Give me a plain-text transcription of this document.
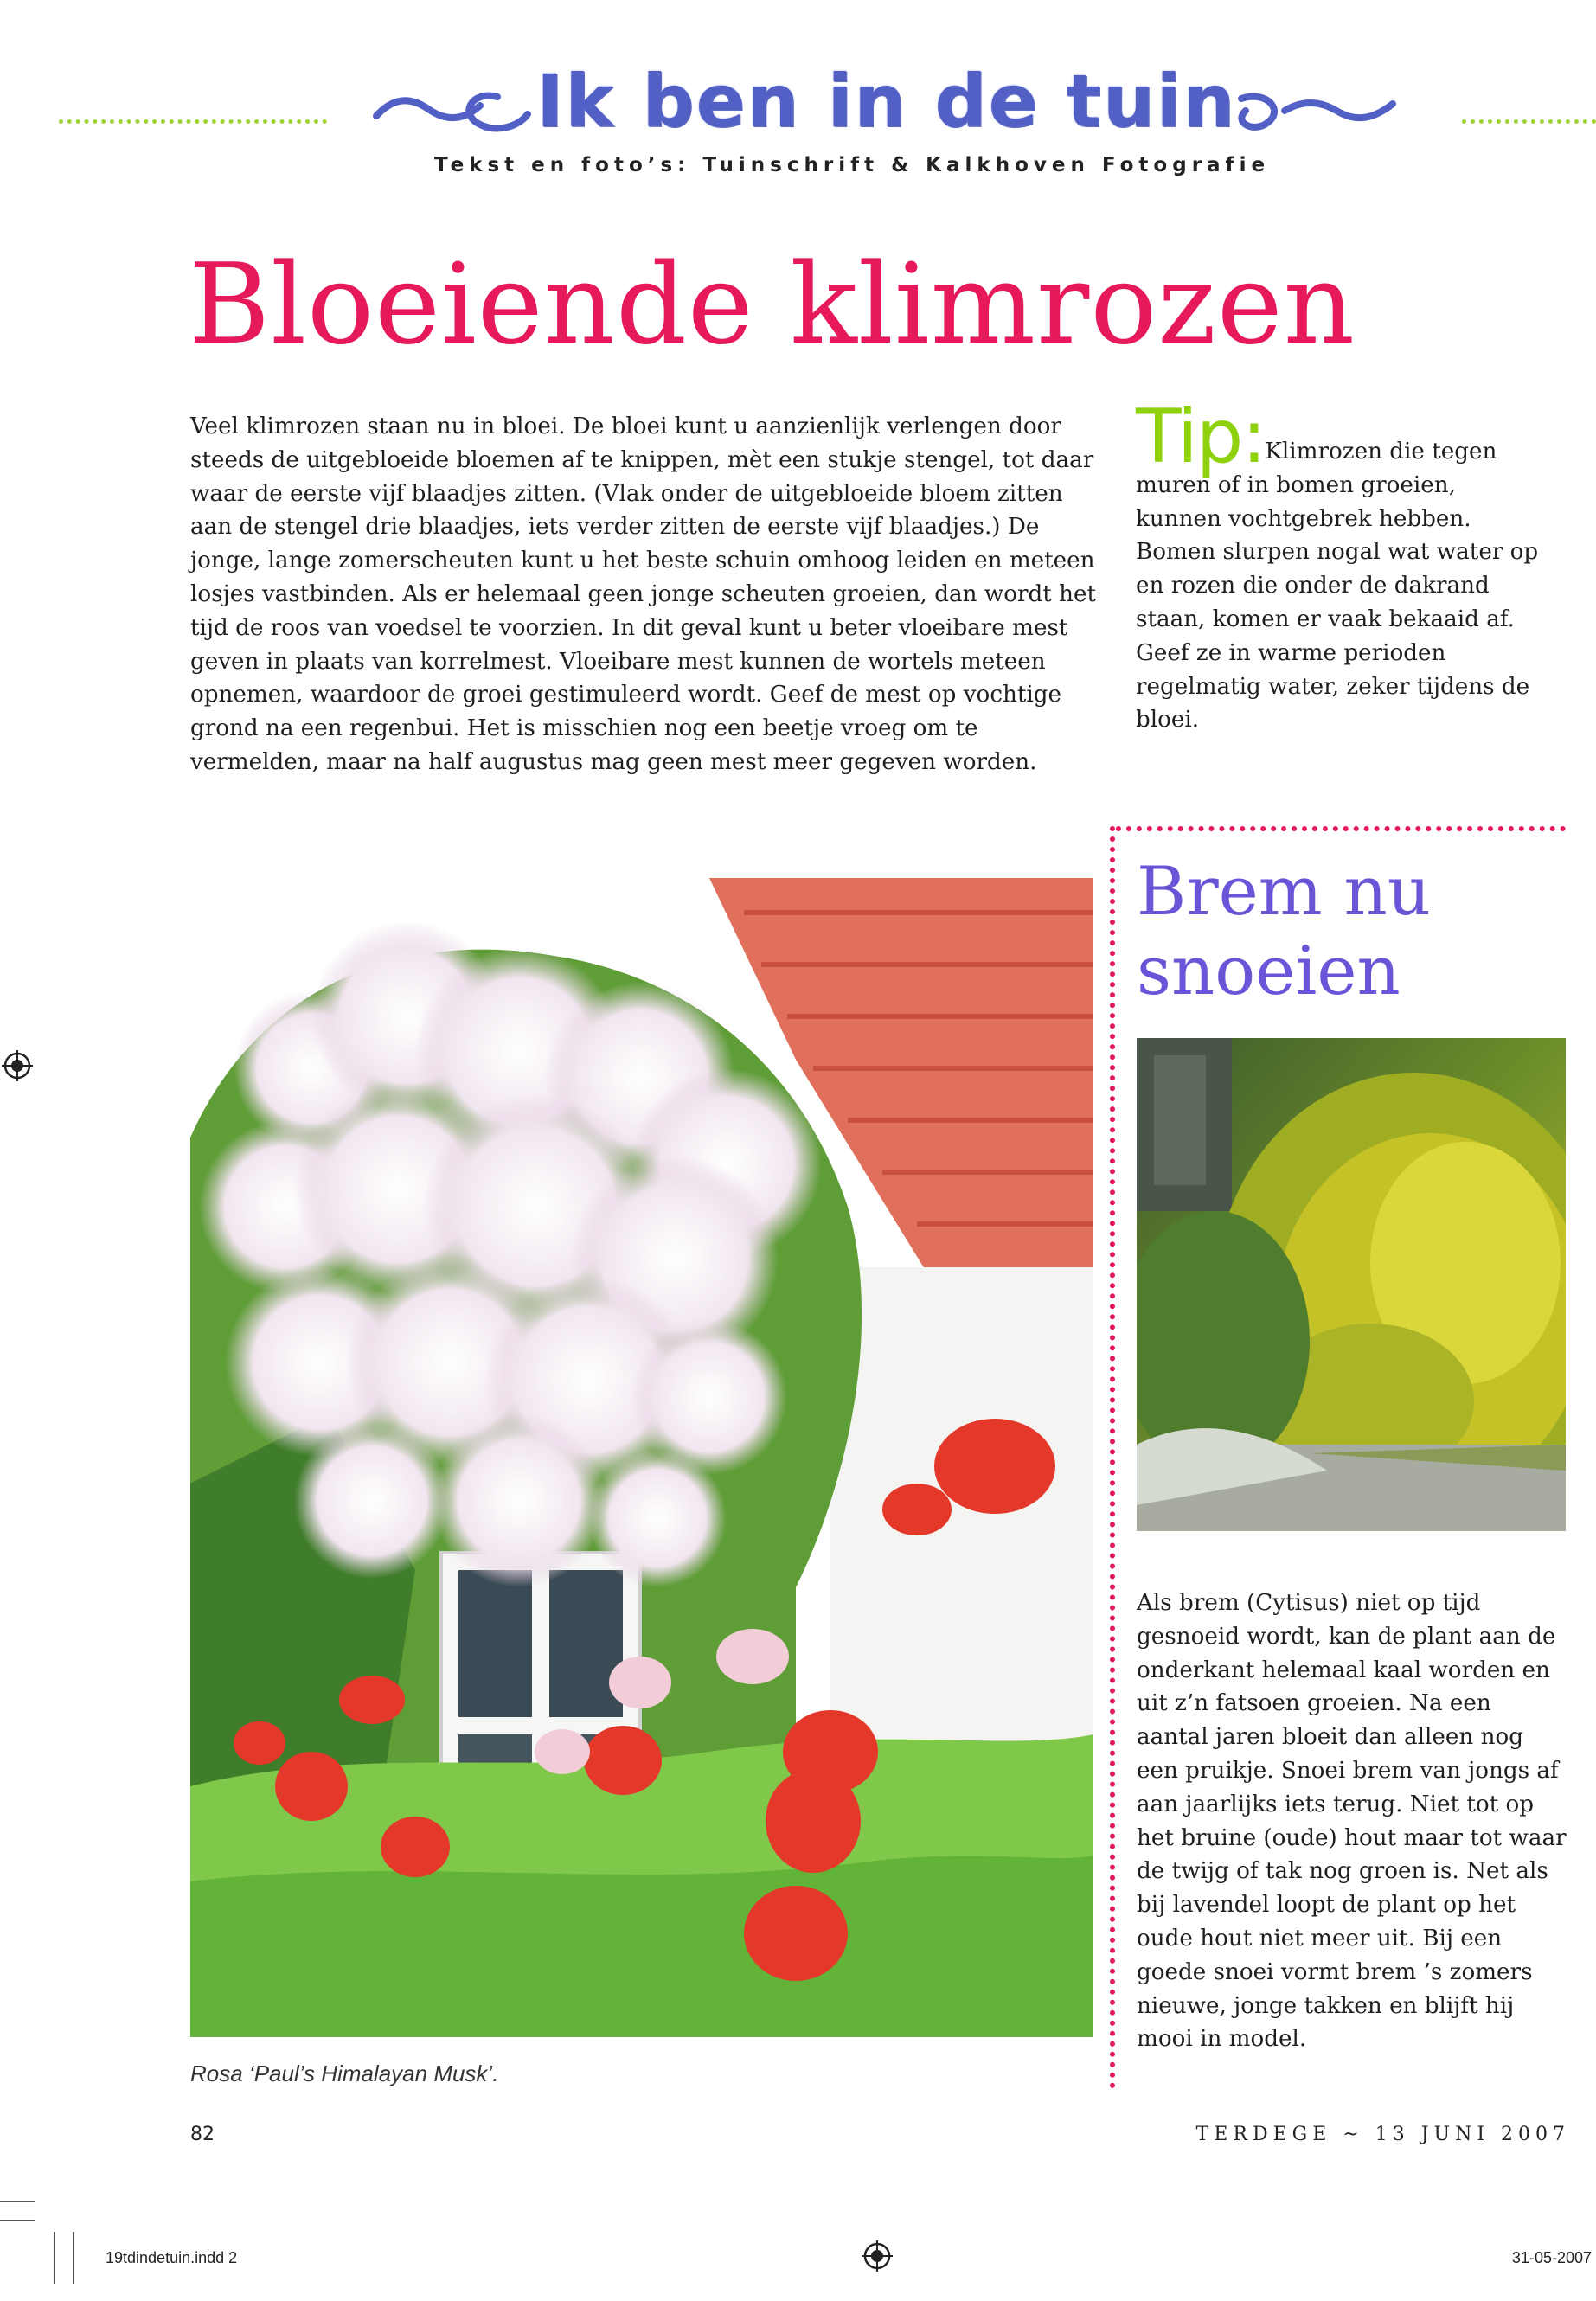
Ik ben in de tuin
Tekst en foto’s: Tuinschrift & Kalkhoven Fotografie
Bloeiende klimrozen
Veel klimrozen staan nu in bloei. De bloei kunt u aanzienlijk verlengen door steeds de uitgebloeide bloemen af te knippen, mèt een stukje stengel, tot daar waar de eerste vijf blaadjes zitten. (Vlak onder de uitgebloeide bloem zitten aan de stengel drie blaadjes, iets verder zitten de eerste vijf blaadjes.) De jonge, lange zomerscheuten kunt u het beste schuin omhoog leiden en meteen losjes vastbinden. Als er helemaal geen jonge scheuten groeien, dan wordt het tijd de roos van voedsel te voorzien. In dit geval kunt u beter vloeibare mest geven in plaats van korrelmest. Vloeibare mest kunnen de wortels meteen opnemen, waardoor de groei gestimuleerd wordt. Geef de mest op vochtige grond na een regenbui. Het is misschien nog een beetje vroeg om te vermelden, maar na half augustus mag geen mest meer gegeven worden.
Tip:Klimrozen die tegen muren of in bomen groeien, kunnen vochtgebrek hebben. Bomen slurpen nogal wat water op en rozen die onder de dakrand staan, komen er vaak bekaaid af. Geef ze in warme perioden regelmatig water, zeker tijdens de bloei.
Brem nu
snoeien
Als brem (Cytisus) niet op tijd gesnoeid wordt, kan de plant aan de onderkant helemaal kaal worden en uit z’n fatsoen groeien. Na een aantal jaren bloeit dan alleen nog een pruikje. Snoei brem van jongs af aan jaarlijks iets terug. Niet tot op het bruine (oude) hout maar tot waar de twijg of tak nog groen is. Net als bij lavendel loopt de plant op het oude hout niet meer uit. Bij een goede snoei vormt brem ’s zomers nieuwe, jonge takken en blijft hij mooi in model.
Rosa ‘Paul’s Himalayan Musk’.
82	TERDEGE ~ 13 JUNI 2007
19tdindetuin.indd 2	31-05-2007
